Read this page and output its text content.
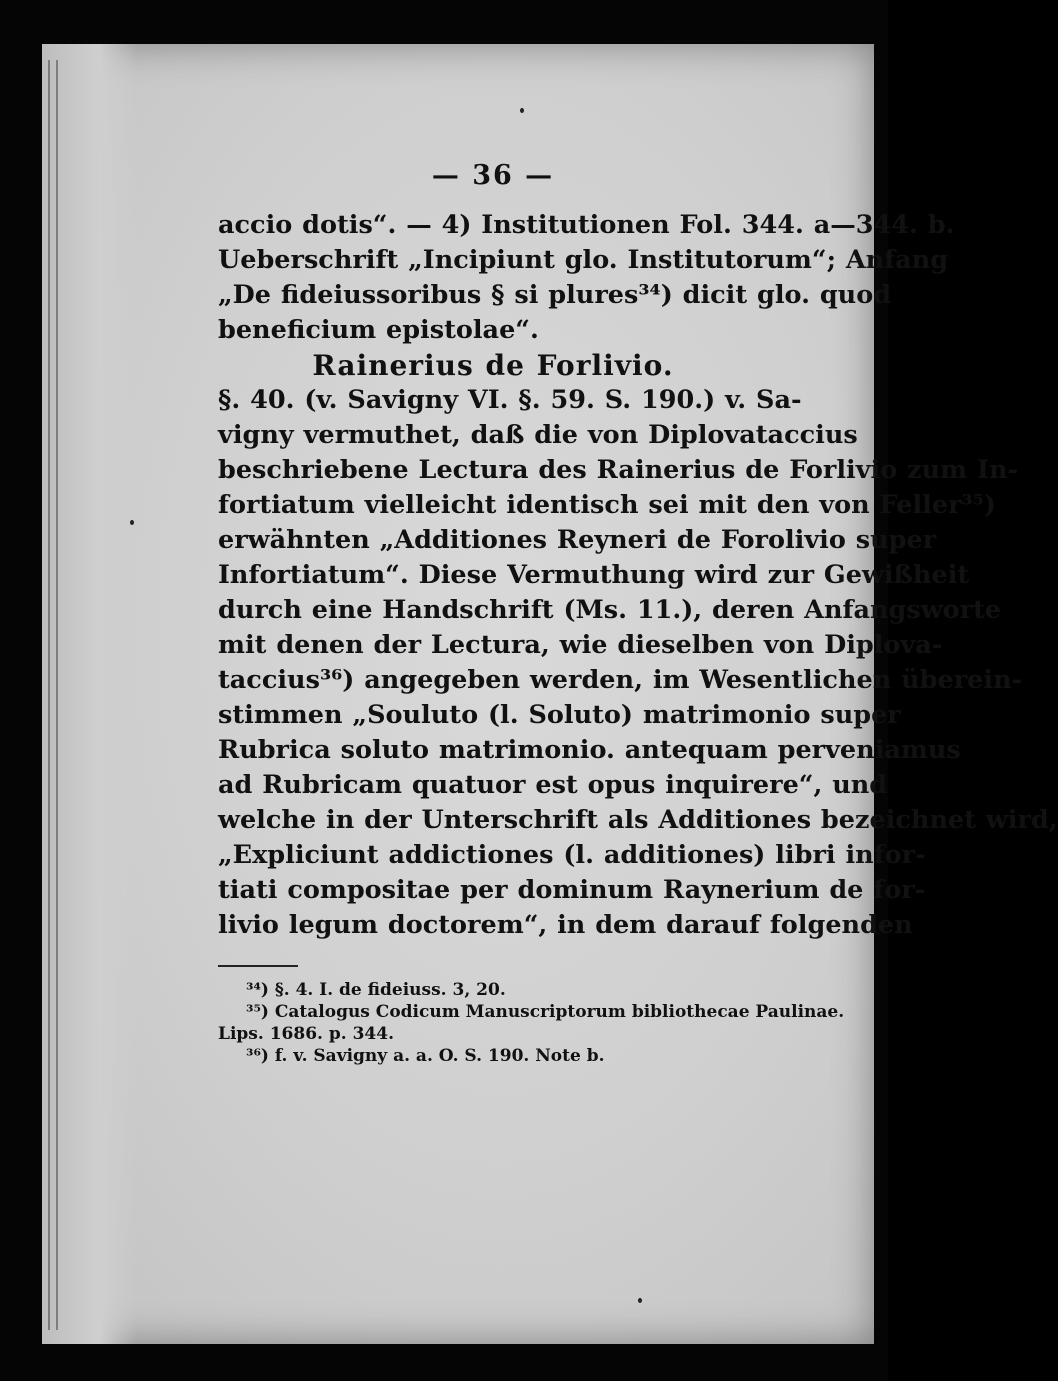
— 36 —
accio dotis“. — 4) Institutionen Fol. 344. a—344. b.
Ueberschrift „Incipiunt glo. Institutorum“; Anfang
„De fideiussoribus § si plures³⁴) dicit glo. quod
beneficium epistolae“.
Rainerius de Forlivio.
§. 40. (v. Savigny VI. §. 59. S. 190.) v. Sa-
vigny vermuthet, daß die von Diplovataccius
beschriebene Lectura des Rainerius de Forlivio zum In-
fortiatum vielleicht identisch sei mit den von Feller³⁵)
erwähnten „Additiones Reyneri de Forolivio super
Infortiatum“. Diese Vermuthung wird zur Gewißheit
durch eine Handschrift (Ms. 11.), deren Anfangsworte
mit denen der Lectura, wie dieselben von Diplova-
taccius³⁶) angegeben werden, im Wesentlichen überein-
stimmen „Souluto (l. Soluto) matrimonio super
Rubrica soluto matrimonio. antequam perveniamus
ad Rubricam quatuor est opus inquirere“, und
welche in der Unterschrift als Additiones bezeichnet wird,
„Expliciunt addictiones (l. additiones) libri infor-
tiati compositae per dominum Raynerium de for-
livio legum doctorem“, in dem darauf folgenden
³⁴) §. 4. I. de fideiuss. 3, 20.
³⁵) Catalogus Codicum Manuscriptorum bibliothecae Paulinae.
Lips. 1686. p. 344.
³⁶) f. v. Savigny a. a. O. S. 190. Note b.
